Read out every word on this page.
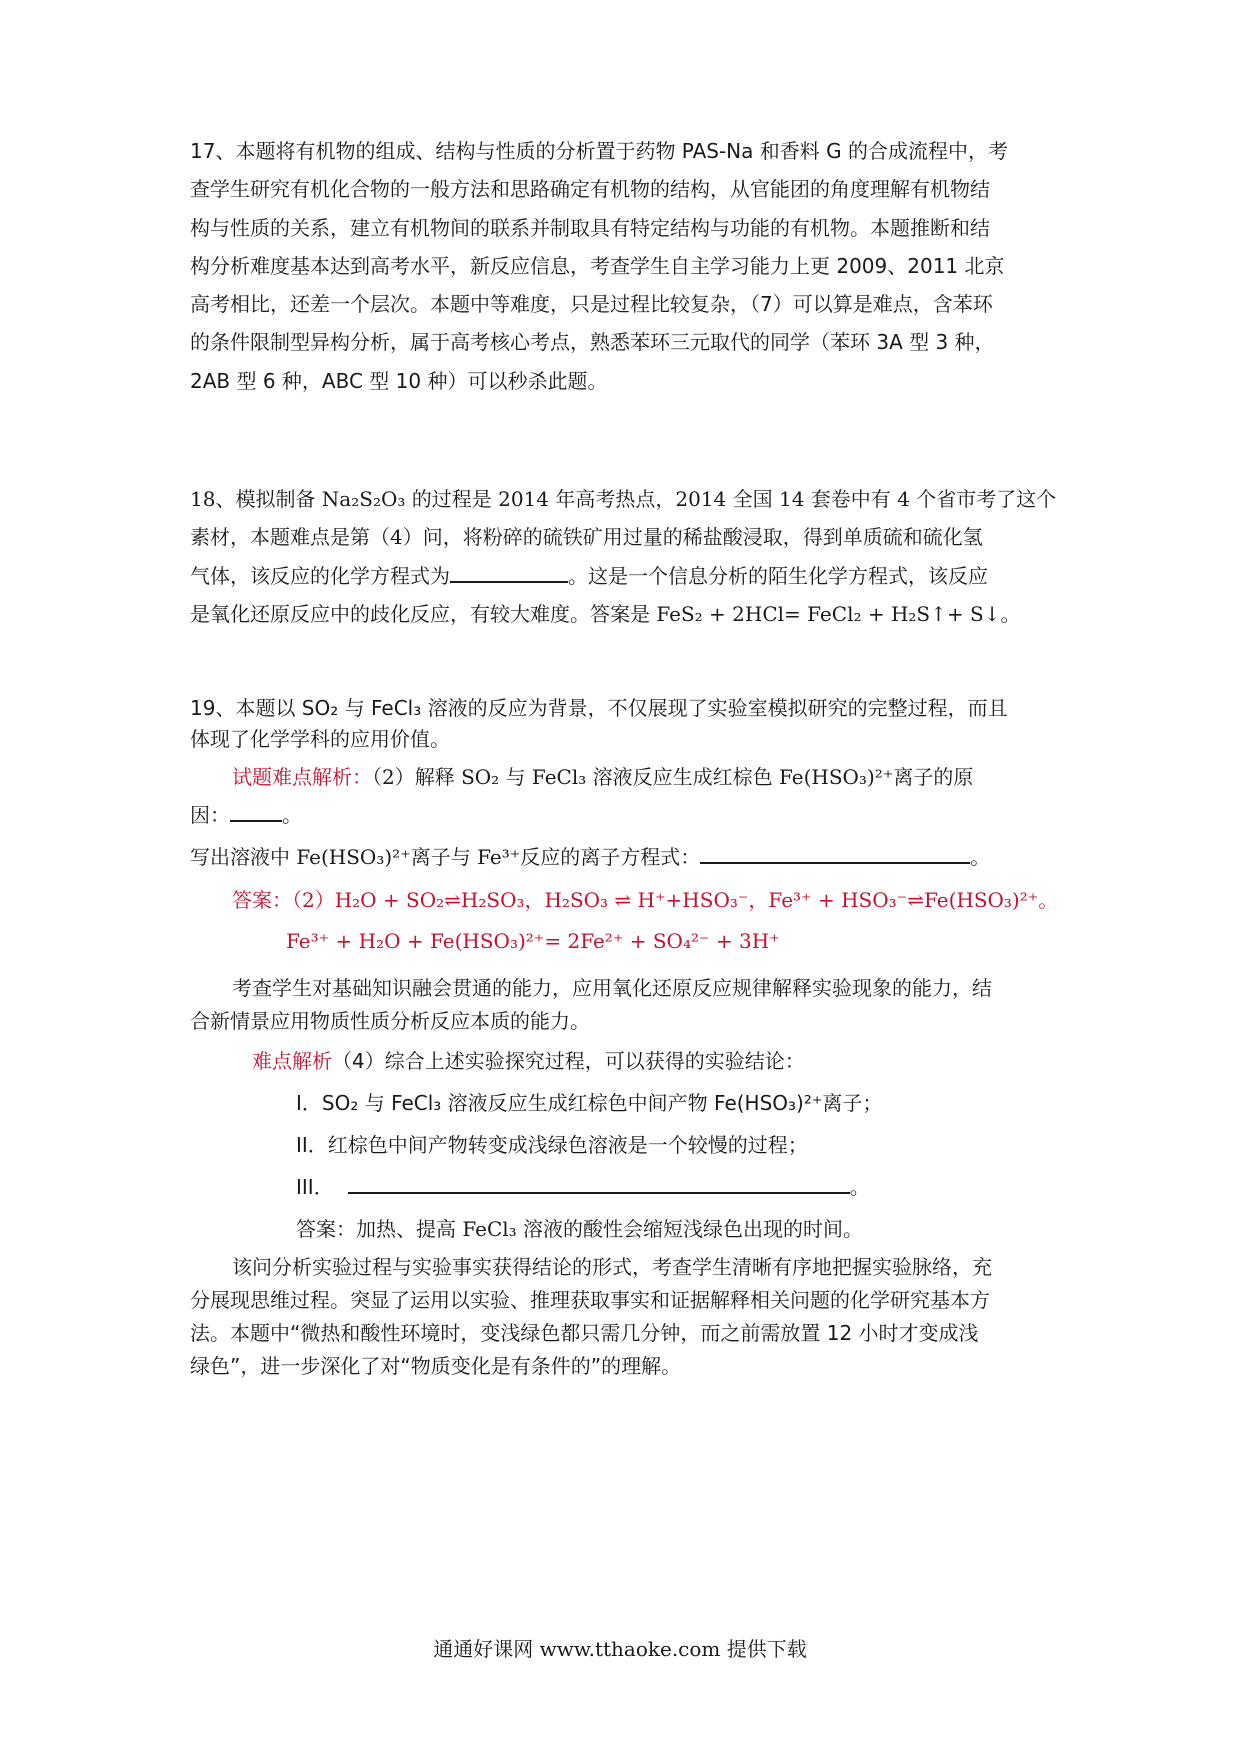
17、本题将有机物的组成、结构与性质的分析置于药物 PAS-Na 和香料 G 的合成流程中，考
查学生研究有机化合物的一般方法和思路确定有机物的结构，从官能团的角度理解有机物结
构与性质的关系，建立有机物间的联系并制取具有特定结构与功能的有机物。本题推断和结
构分析难度基本达到高考水平，新反应信息，考查学生自主学习能力上更 2009、2011 北京
高考相比，还差一个层次。本题中等难度，只是过程比较复杂，（7）可以算是难点，含苯环
的条件限制型异构分析，属于高考核心考点，熟悉苯环三元取代的同学（苯环 3A 型 3 种，
2AB 型 6 种，ABC 型 10 种）可以秒杀此题。
18、模拟制备 Na₂S₂O₃ 的过程是 2014 年高考热点，2014 全国 14 套卷中有 4 个省市考了这个
素材，本题难点是第（4）问，将粉碎的硫铁矿用过量的稀盐酸浸取，得到单质硫和硫化氢
气体，该反应的化学方程式为	。这是一个信息分析的陌生化学方程式，该反应
是氧化还原反应中的歧化反应，有较大难度。答案是 FeS₂ + 2HCl= FeCl₂ + H₂S↑+ S↓。
19、本题以 SO₂ 与 FeCl₃ 溶液的反应为背景，不仅展现了实验室模拟研究的完整过程，而且
体现了化学学科的应用价值。
试题难点解析：（2）解释 SO₂ 与 FeCl₃ 溶液反应生成红棕色 Fe(HSO₃)²⁺离子的原
因：	。
写出溶液中 Fe(HSO₃)²⁺离子与 Fe³⁺反应的离子方程式：	。
答案：（2）H₂O + SO₂⇌H₂SO₃，H₂SO₃ ⇌ H⁺+HSO₃⁻，Fe³⁺ + HSO₃⁻⇌Fe(HSO₃)²⁺。
Fe³⁺ + H₂O + Fe(HSO₃)²⁺= 2Fe²⁺ + SO₄²⁻ + 3H⁺
考查学生对基础知识融会贯通的能力，应用氧化还原反应规律解释实验现象的能力，结
合新情景应用物质性质分析反应本质的能力。
难点解析（4）综合上述实验探究过程，可以获得的实验结论：
I．SO₂ 与 FeCl₃ 溶液反应生成红棕色中间产物 Fe(HSO₃)²⁺离子；
II．红棕色中间产物转变成浅绿色溶液是一个较慢的过程；
III．	。
答案：加热、提高 FeCl₃ 溶液的酸性会缩短浅绿色出现的时间。
该问分析实验过程与实验事实获得结论的形式，考查学生清晰有序地把握实验脉络，充
分展现思维过程。突显了运用以实验、推理获取事实和证据解释相关问题的化学研究基本方
法。本题中“微热和酸性环境时，变浅绿色都只需几分钟，而之前需放置 12 小时才变成浅
绿色”，进一步深化了对“物质变化是有条件的”的理解。
通通好课网 www.tthaoke.com 提供下载
